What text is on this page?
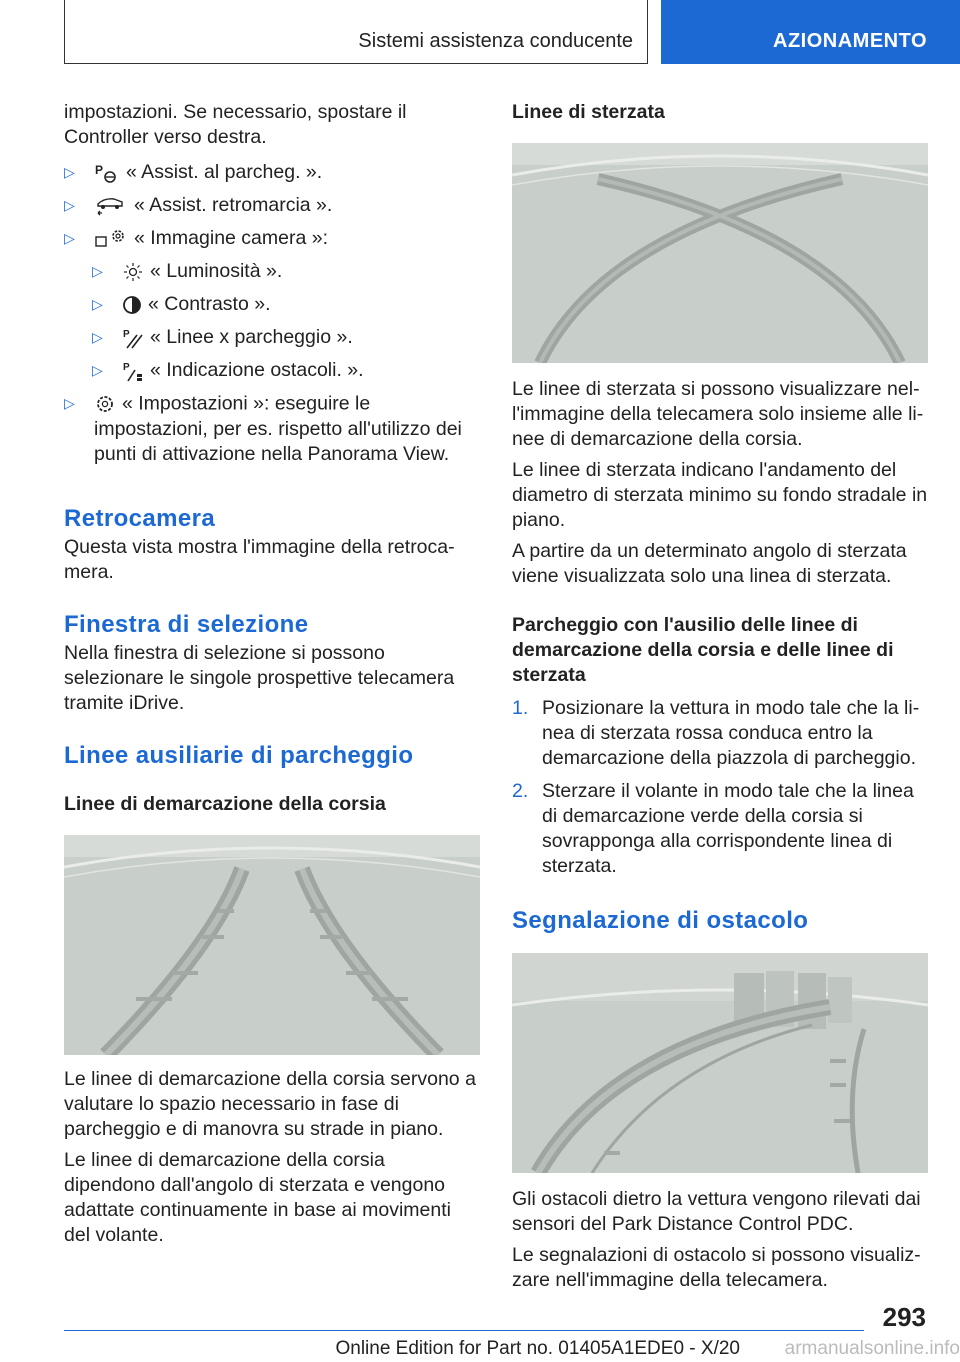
Sistemi assistenza conducente	AZIONAMENTO

impostazioni. Se necessario, spostare il Controller verso destra.

▷	P « Assist. al parcheg. ».
▷	« Assist. retromarcia ».
▷	« Immagine camera »:
▷	« Luminosità ».
▷	« Contrasto ».
▷	P « Linee x parcheggio ».
▷	P « Indicazione ostacoli. ».
▷	« Impostazioni »: eseguire le impostazioni, per es. rispetto all'utilizzo dei punti di attivazione nella Panorama View.
Retrocamera

Questa vista mostra l'immagine della retrocamera.

Finestra di selezione

Nella finestra di selezione si possono selezionare le singole prospettive telecamera tramite iDrive.

Linee ausiliarie di parcheggio
Linee di demarcazione della corsia

Le linee di demarcazione della corsia servono a valutare lo spazio necessario in fase di parcheggio e di manovra su strade in piano.

Le linee di demarcazione della corsia dipendono dall'angolo di sterzata e vengono adattate continuamente in base ai movimenti del volante.

Linee di sterzata

Le linee di sterzata si possono visualizzare nell'immagine della telecamera solo insieme alle linee di demarcazione della corsia.

Le linee di sterzata indicano l'andamento del diametro di sterzata minimo su fondo stradale in piano.

A partire da un determinato angolo di sterzata viene visualizzata solo una linea di sterzata.

Parcheggio con l'ausilio delle linee di demarcazione della corsia e delle linee di sterzata
1. Posizionare la vettura in modo tale che la linea di sterzata rossa conduca entro la demarcazione della piazzola di parcheggio.
2. Sterzare il volante in modo tale che la linea di demarcazione verde della corsia si sovrapponga alla corrispondente linea di sterzata.
Segnalazione di ostacolo

Gli ostacoli dietro la vettura vengono rilevati dai sensori del Park Distance Control PDC.

Le segnalazioni di ostacolo si possono visualizzare nell'immagine della telecamera.

293
Online Edition for Part no. 01405A1EDE0 - X/20 armanualsonline.info
